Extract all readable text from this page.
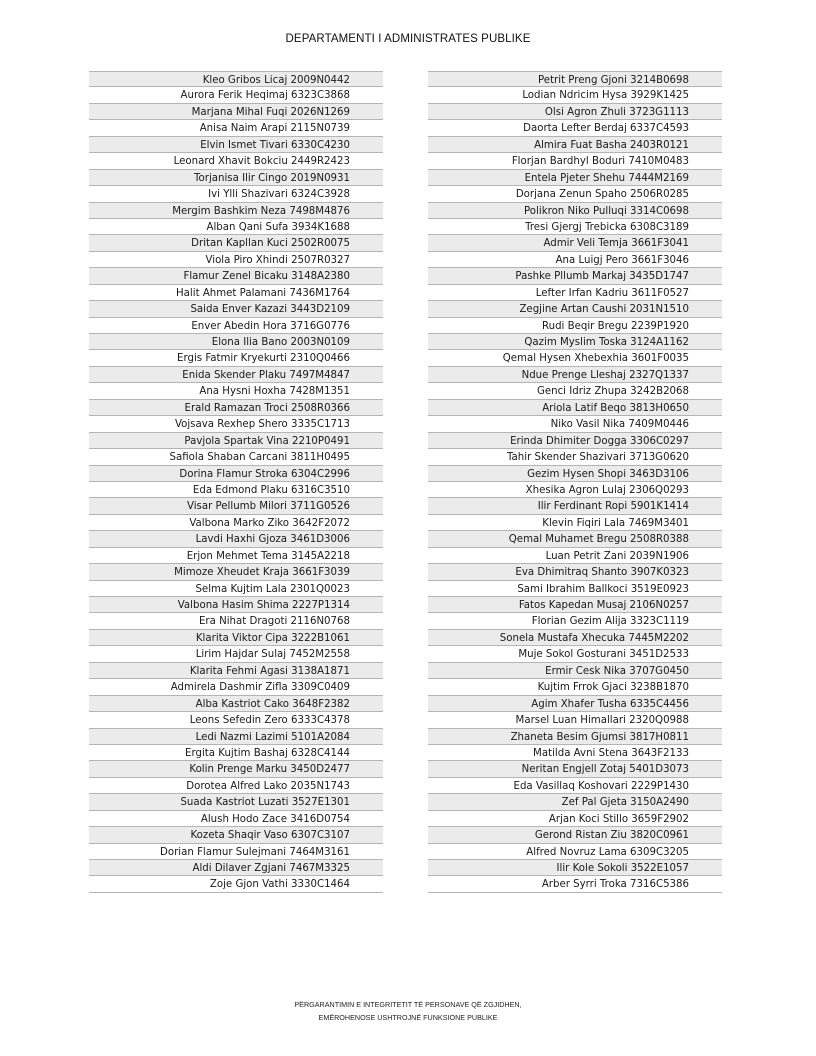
DEPARTAMENTI I ADMINISTRATES PUBLIKE
Kleo Gribos Licaj 2009N0442
Aurora Ferik Heqimaj 6323C3868
Marjana Mihal Fuqi 2026N1269
Anisa Naim Arapi 2115N0739
Elvin Ismet Tivari 6330C4230
Leonard Xhavit Bokciu 2449R2423
Torjanisa Ilir Cingo 2019N0931
Ivi Ylli Shazivari 6324C3928
Mergim Bashkim Neza 7498M4876
Alban Qani Sufa 3934K1688
Dritan Kapllan Kuci 2502R0075
Viola Piro Xhindi 2507R0327
Flamur Zenel Bicaku 3148A2380
Halit Ahmet Palamani 7436M1764
Saida Enver Kazazi 3443D2109
Enver Abedin Hora 3716G0776
Elona Ilia Bano 2003N0109
Ergis Fatmir Kryekurti 2310Q0466
Enida Skender Plaku 7497M4847
Ana Hysni Hoxha 7428M1351
Erald Ramazan Troci 2508R0366
Vojsava Rexhep Shero 3335C1713
Pavjola Spartak Vina 2210P0491
Safiola Shaban Carcani 3811H0495
Dorina Flamur Stroka 6304C2996
Eda Edmond Plaku 6316C3510
Visar Pellumb Milori 3711G0526
Valbona Marko Ziko 3642F2072
Lavdi Haxhi Gjoza 3461D3006
Erjon Mehmet Tema 3145A2218
Mimoze Xheudet Kraja 3661F3039
Selma Kujtim Lala 2301Q0023
Valbona Hasim Shima 2227P1314
Era Nihat Dragoti 2116N0768
Klarita Viktor Cipa 3222B1061
Lirim Hajdar Sulaj 7452M2558
Klarita Fehmi Agasi 3138A1871
Admirela Dashmir Zifla 3309C0409
Alba Kastriot Cako 3648F2382
Leons Sefedin Zero 6333C4378
Ledi Nazmi Lazimi 5101A2084
Ergita Kujtim Bashaj 6328C4144
Kolin Prenge Marku 3450D2477
Dorotea Alfred Lako 2035N1743
Suada Kastriot Luzati 3527E1301
Alush Hodo Zace 3416D0754
Kozeta Shaqir Vaso 6307C3107
Dorian Flamur Sulejmani 7464M3161
Aldi Dilaver Zgjani 7467M3325
Zoje Gjon Vathi 3330C1464
Petrit Preng Gjoni 3214B0698
Lodian Ndricim Hysa 3929K1425
Olsi Agron Zhuli 3723G1113
Daorta Lefter Berdaj 6337C4593
Almira Fuat Basha 2403R0121
Florjan Bardhyl Boduri 7410M0483
Entela Pjeter Shehu 7444M2169
Dorjana Zenun Spaho 2506R0285
Polikron Niko Pulluqi 3314C0698
Tresi Gjergj Trebicka 6308C3189
Admir Veli Temja 3661F3041
Ana Luigj Pero 3661F3046
Pashke Pllumb Markaj 3435D1747
Lefter Irfan Kadriu 3611F0527
Zegjine Artan Caushi 2031N1510
Rudi Beqir Bregu 2239P1920
Qazim Myslim Toska 3124A1162
Qemal Hysen Xhebexhia 3601F0035
Ndue Prenge Lleshaj 2327Q1337
Genci Idriz Zhupa 3242B2068
Ariola Latif Beqo 3813H0650
Niko Vasil Nika 7409M0446
Erinda Dhimiter Dogga 3306C0297
Tahir Skender Shazivari 3713G0620
Gezim Hysen Shopi 3463D3106
Xhesika Agron Lulaj 2306Q0293
Ilir Ferdinant Ropi 5901K1414
Klevin Fiqiri Lala 7469M3401
Qemal Muhamet Bregu 2508R0388
Luan Petrit Zani 2039N1906
Eva Dhimitraq Shanto 3907K0323
Sami Ibrahim Ballkoci 3519E0923
Fatos Kapedan Musaj 2106N0257
Florian Gezim Alija 3323C1119
Sonela Mustafa Xhecuka 7445M2202
Muje Sokol Gosturani 3451D2533
Ermir Cesk Nika 3707G0450
Kujtim Frrok Gjaci 3238B1870
Agim Xhafer Tusha 6335C4456
Marsel Luan Himallari 2320Q0988
Zhaneta Besim Gjumsi 3817H0811
Matilda Avni Stena 3643F2133
Neritan Engjell Zotaj 5401D3073
Eda Vasillaq Koshovari 2229P1430
Zef Pal Gjeta 3150A2490
Arjan Koci Stillo 3659F2902
Gerond Ristan Ziu 3820C0961
Alfred Novruz Lama 6309C3205
Ilir Kole Sokoli 3522E1057
Arber Syrri Troka 7316C5386
PËRGARANTIMIN E INTEGRITETIT TË PERSONAVE QË ZGJIDHEN,
EMËROHENOSE USHTROJNË FUNKSIONE PUBLIKE
